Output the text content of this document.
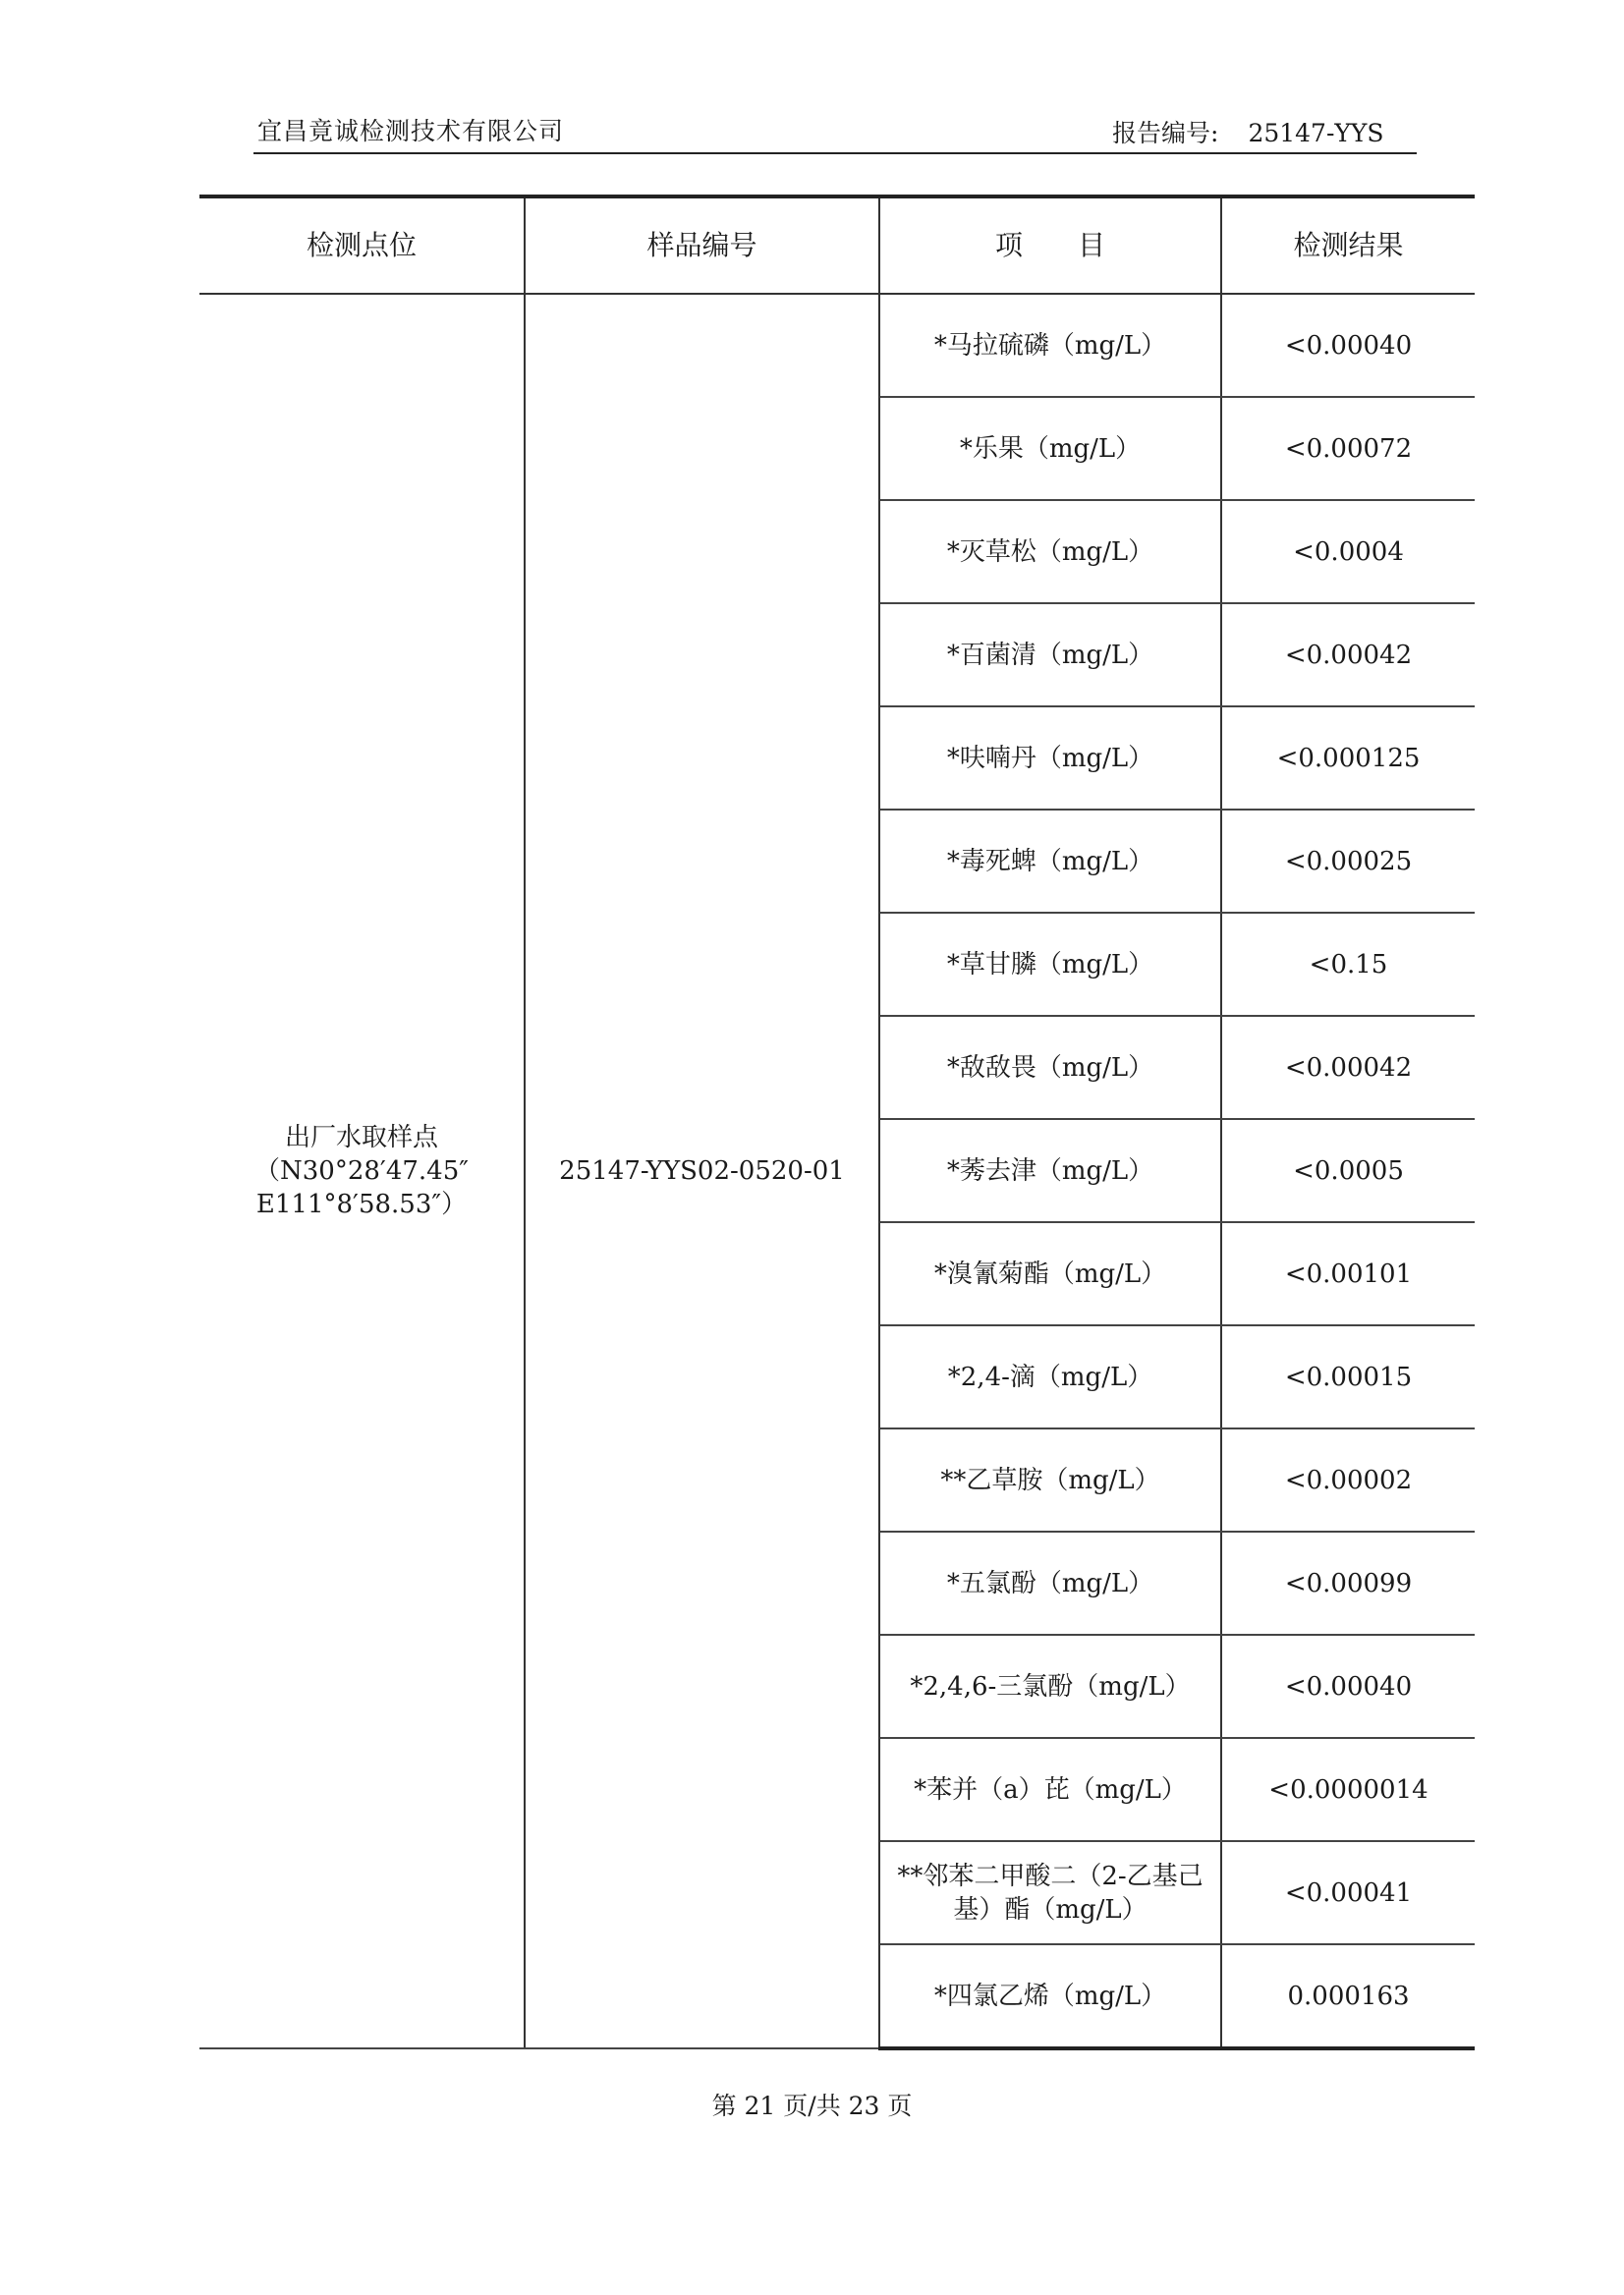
宜昌竟诚检测技术有限公司	报告编号: 25147-YYS
检测点位	样品编号	项　　目	检测结果

出厂水取样点
（N30°28′47.45″
E111°8′58.53″）	25147-YYS02-0520-01	*马拉硫磷（mg/L）	<0.00040
		*乐果（mg/L）	<0.00072
		*灭草松（mg/L）	<0.0004
		*百菌清（mg/L）	<0.00042
		*呋喃丹（mg/L）	<0.000125
		*毒死蜱（mg/L）	<0.00025
		*草甘膦（mg/L）	<0.15
		*敌敌畏（mg/L）	<0.00042
		*莠去津（mg/L）	<0.0005
		*溴氰菊酯（mg/L）	<0.00101
		*2,4-滴（mg/L）	<0.00015
		**乙草胺（mg/L）	<0.00002
		*五氯酚（mg/L）	<0.00099
		*2,4,6-三氯酚（mg/L）	<0.00040
		*苯并（a）芘（mg/L）	<0.0000014
		**邻苯二甲酸二（2-乙基己基）酯（mg/L）	<0.00041
		*四氯乙烯（mg/L）	0.000163
第 21 页/共 23 页
